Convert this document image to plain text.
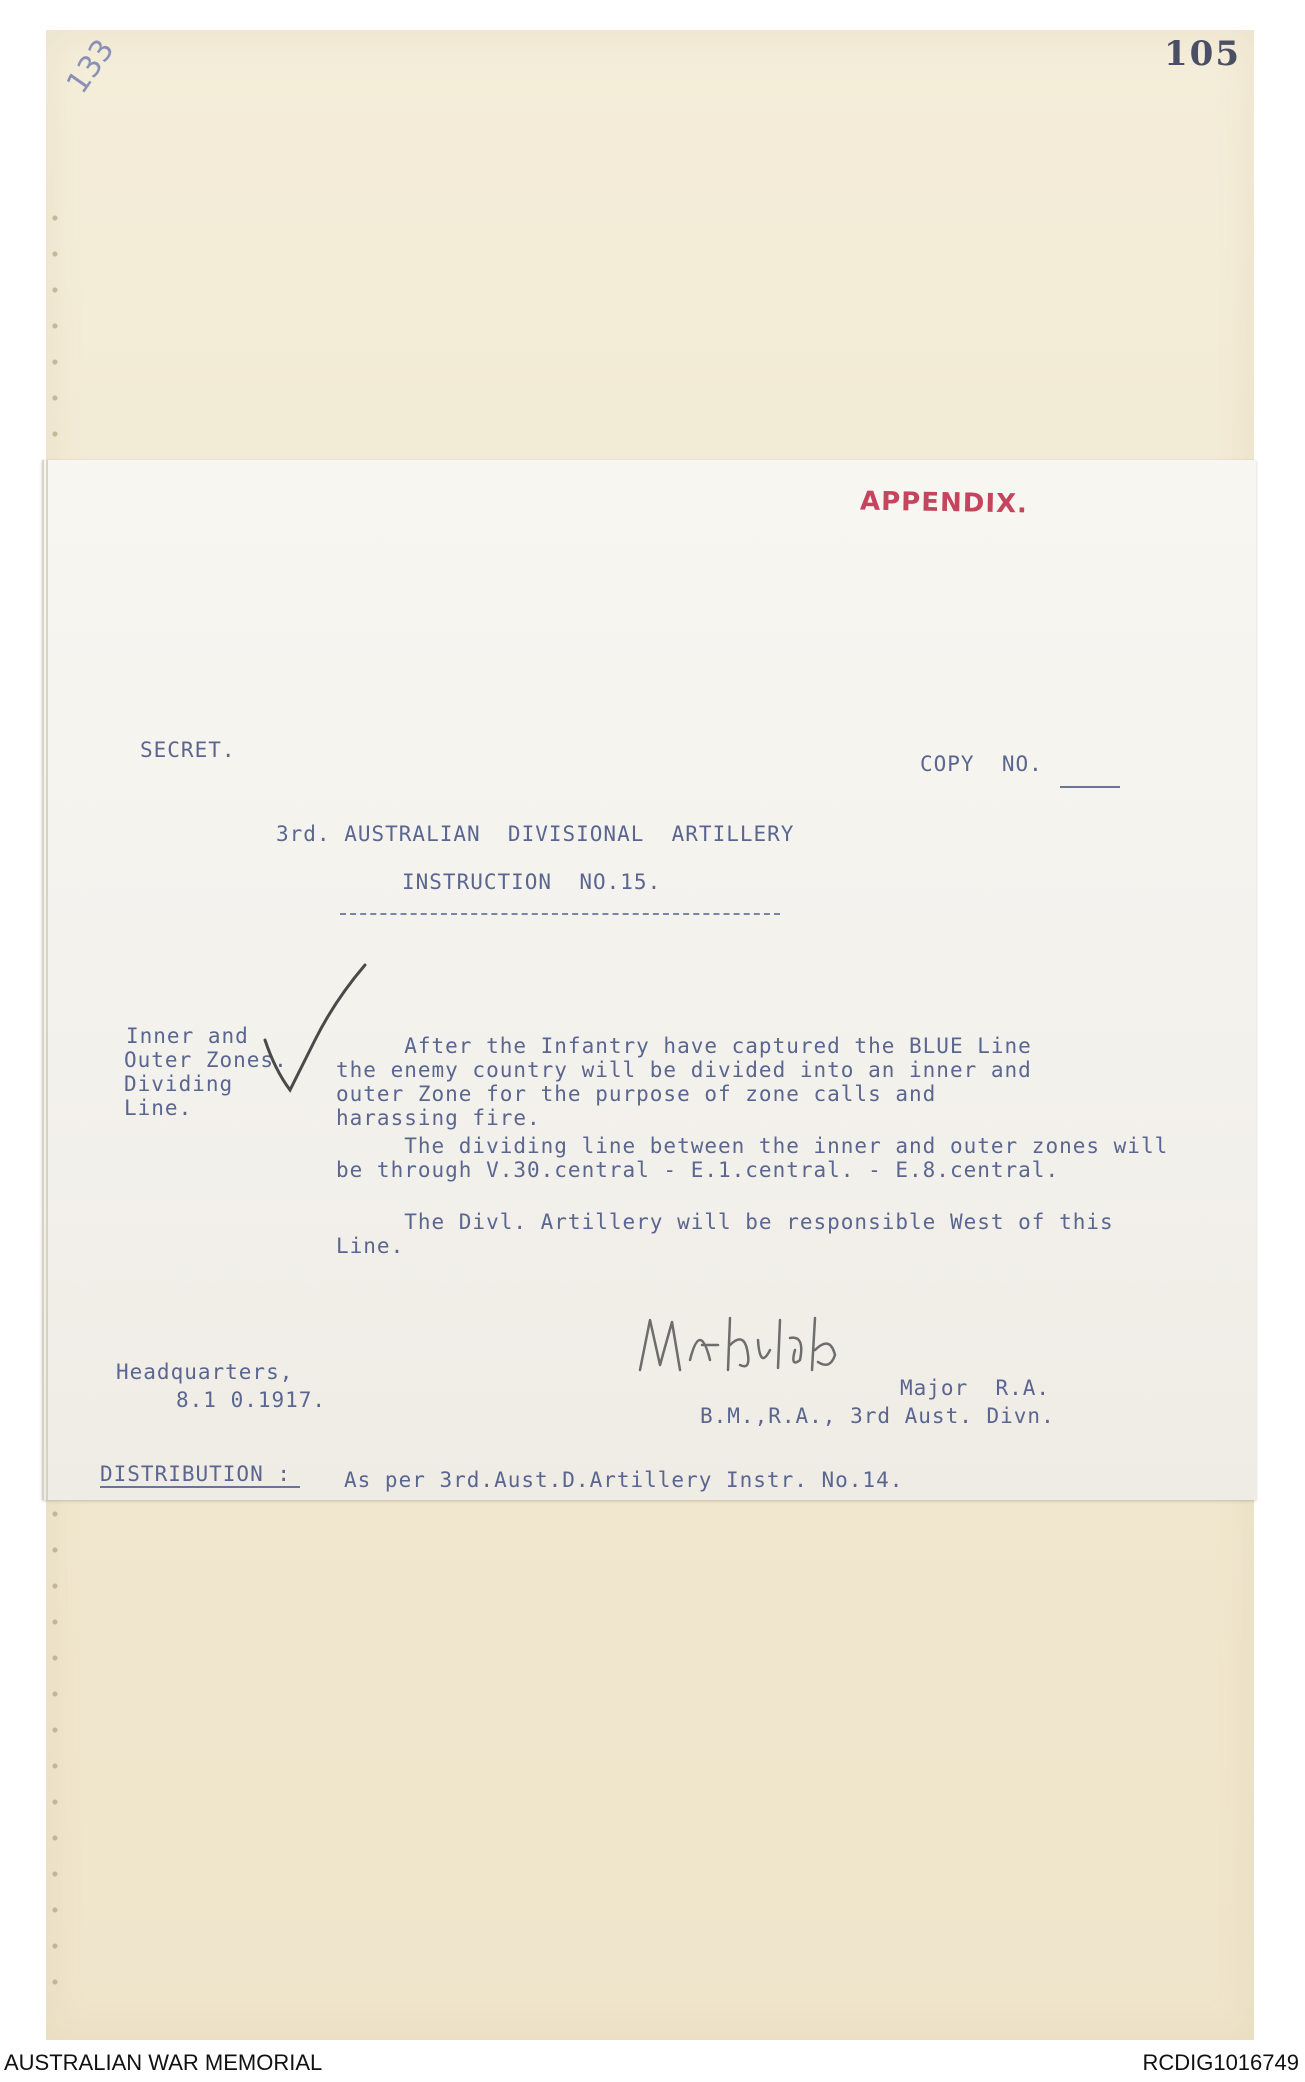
105
133
APPENDIX.
SECRET.
COPY  NO.
3rd. AUSTRALIAN  DIVISIONAL  ARTILLERY
INSTRUCTION  NO.15.
Inner and
Outer Zones.
Dividing
Line.
After the Infantry have captured the BLUE Line
the enemy country will be divided into an inner and
outer Zone for the purpose of zone calls and
harassing fire.
The dividing line between the inner and outer zones will
be through V.30.central - E.1.central. - E.8.central.
The Divl. Artillery will be responsible West of this
Line.
Headquarters,
8.1 0.1917.	Major  R.A.
B.M.,R.A., 3rd Aust. Divn.
DISTRIBUTION :	As per 3rd.Aust.D.Artillery Instr. No.14.
AUSTRALIAN WAR MEMORIAL	RCDIG1016749
